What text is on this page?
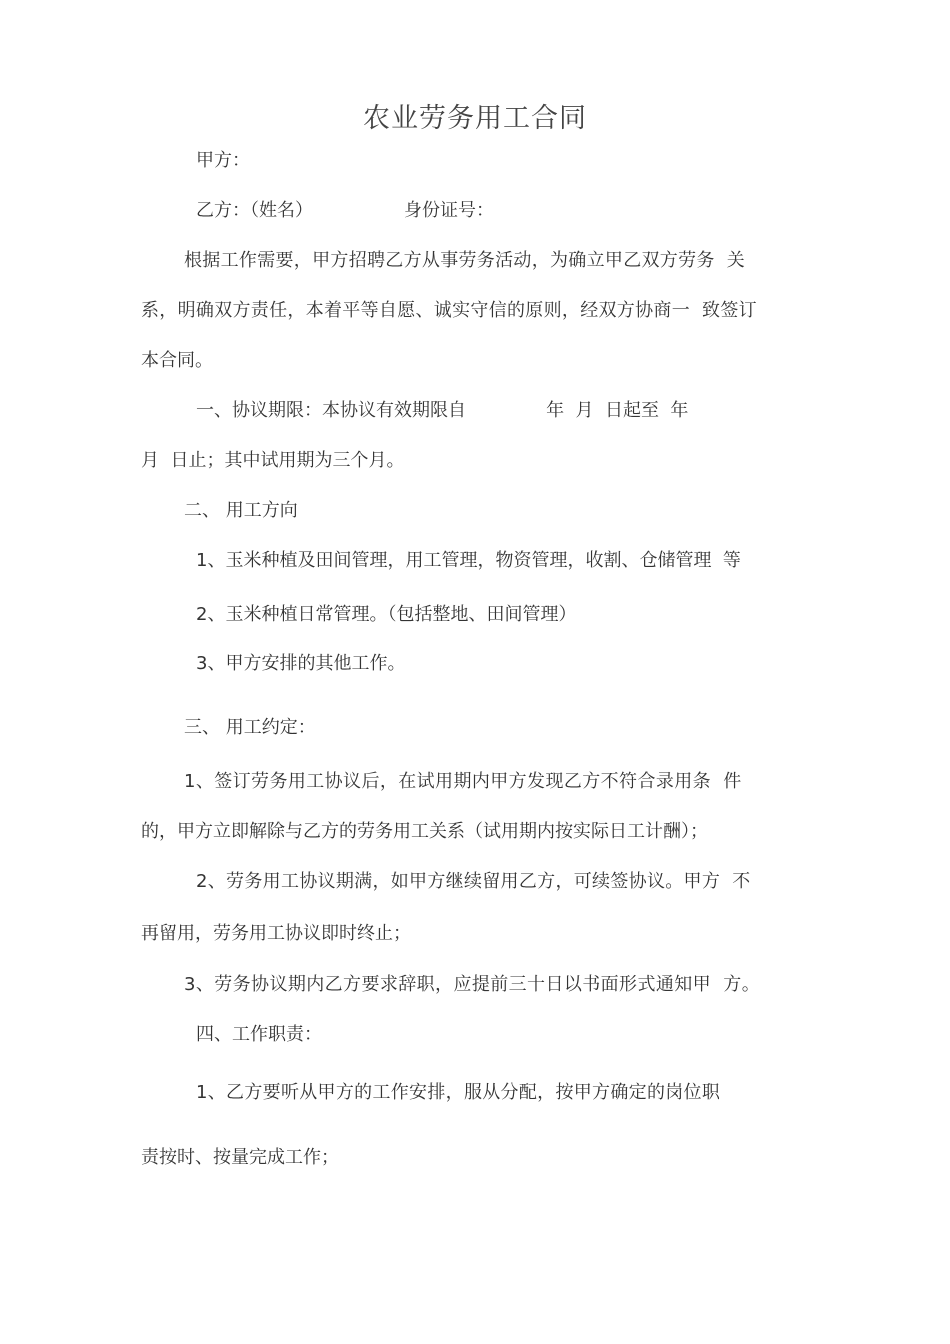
农业劳务用工合同
甲方：
乙方：（姓名）	身份证号：
根据工作需要，甲方招聘乙方从事劳务活动，为确立甲乙双方劳务  关
系，明确双方责任，本着平等自愿、诚实守信的原则，经双方协商一  致签订
本合同。
一、协议期限：本协议有效期限自              年  月  日起至  年
月  日止；其中试用期为三个月。
二、 用工方向
1、玉米种植及田间管理，用工管理，物资管理，收割、仓储管理  等
2、玉米种植日常管理。（包括整地、田间管理）
3、甲方安排的其他工作。
三、 用工约定：
1、签订劳务用工协议后，在试用期内甲方发现乙方不符合录用条  件
的，甲方立即解除与乙方的劳务用工关系（试用期内按实际日工计酬）；
2、劳务用工协议期满，如甲方继续留用乙方，可续签协议。甲方  不
再留用，劳务用工协议即时终止；
3、劳务协议期内乙方要求辞职，应提前三十日以书面形式通知甲  方。
四、工作职责：
1、乙方要听从甲方的工作安排，服从分配，按甲方确定的岗位职
责按时、按量完成工作；
